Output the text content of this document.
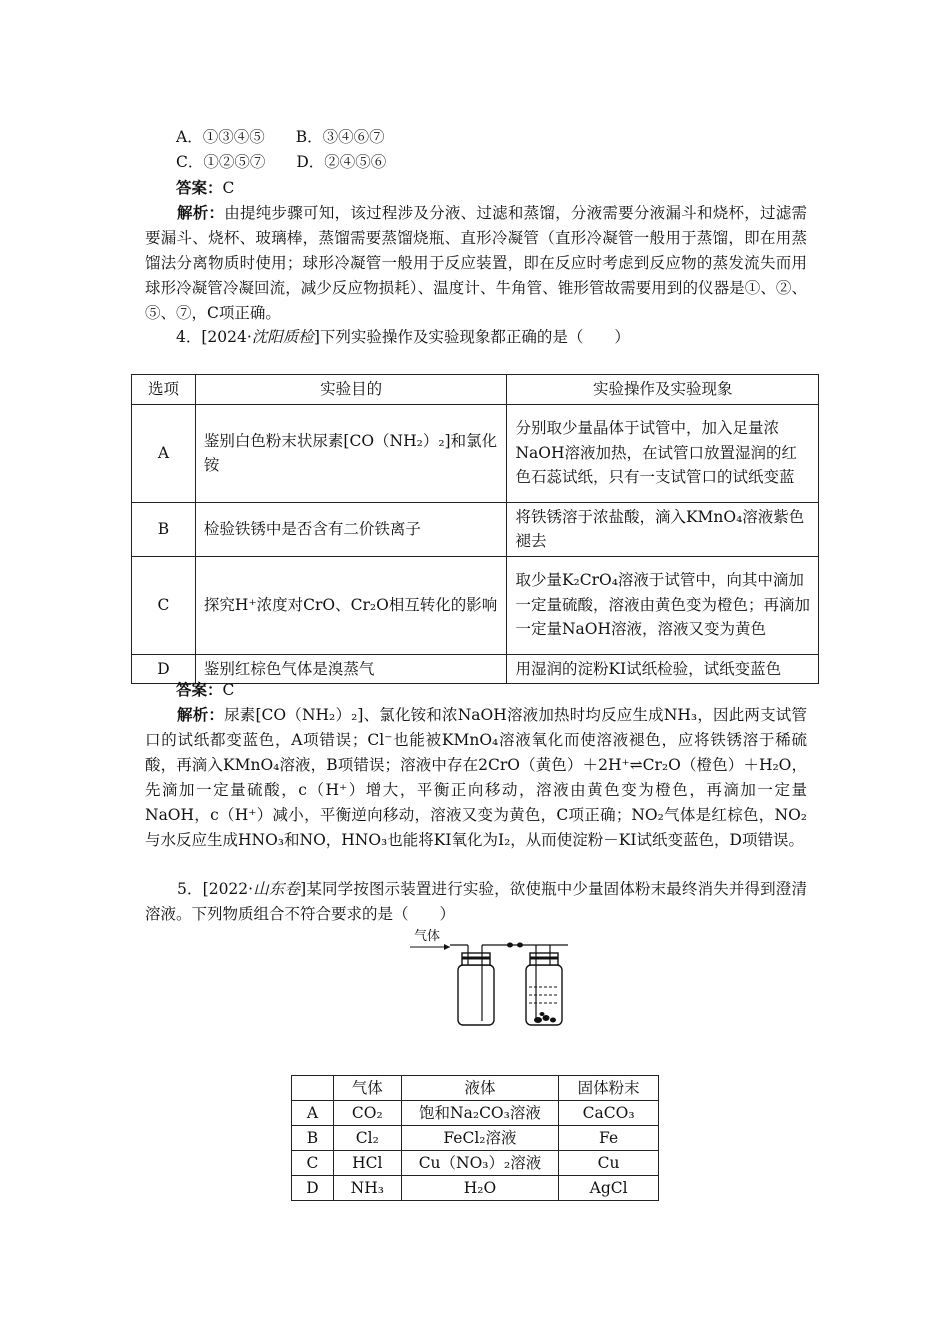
A．①③④⑤　　B．③④⑥⑦
C．①②⑤⑦　　D．②④⑤⑥
答案：C
解析：由提纯步骤可知，该过程涉及分液、过滤和蒸馏，分液需要分液漏斗和烧杯，过滤需要漏斗、烧杯、玻璃棒，蒸馏需要蒸馏烧瓶、直形冷凝管（直形冷凝管一般用于蒸馏，即在用蒸馏法分离物质时使用；球形冷凝管一般用于反应装置，即在反应时考虑到反应物的蒸发流失而用球形冷凝管冷凝回流，减少反应物损耗）、温度计、牛角管、锥形管故需要用到的仪器是①、②、⑤、⑦，C项正确。
4．[2024·沈阳质检]下列实验操作及实验现象都正确的是（　　）
选项	实验目的	实验操作及实验现象
A	鉴别白色粉末状尿素[CO（NH₂）₂]和氯化铵	分别取少量晶体于试管中，加入足量浓NaOH溶液加热，在试管口放置湿润的红色石蕊试纸，只有一支试管口的试纸变蓝
B	检验铁锈中是否含有二价铁离子	将铁锈溶于浓盐酸，滴入KMnO₄溶液紫色褪去
C	探究H⁺浓度对CrO、Cr₂O相互转化的影响	取少量K₂CrO₄溶液于试管中，向其中滴加一定量硫酸，溶液由黄色变为橙色；再滴加一定量NaOH溶液，溶液又变为黄色
D	鉴别红棕色气体是溴蒸气	用湿润的淀粉KI试纸检验，试纸变蓝色
答案：C
解析：尿素[CO（NH₂）₂]、氯化铵和浓NaOH溶液加热时均反应生成NH₃，因此两支试管口的试纸都变蓝色，A项错误；Cl⁻也能被KMnO₄溶液氧化而使溶液褪色，应将铁锈溶于稀硫酸，再滴入KMnO₄溶液，B项错误；溶液中存在2CrO（黄色）＋2H⁺⇌Cr₂O（橙色）＋H₂O，先滴加一定量硫酸，c（H⁺）增大，平衡正向移动，溶液由黄色变为橙色，再滴加一定量NaOH，c（H⁺）减小，平衡逆向移动，溶液又变为黄色，C项正确；NO₂气体是红棕色，NO₂与水反应生成HNO₃和NO，HNO₃也能将KI氧化为I₂，从而使淀粉－KI试纸变蓝色，D项错误。
5．[2022·山东卷]某同学按图示装置进行实验，欲使瓶中少量固体粉末最终消失并得到澄清溶液。下列物质组合不符合要求的是（　　）
气体
	气体	液体	固体粉末
A	CO₂	饱和Na₂CO₃溶液	CaCO₃
B	Cl₂	FeCl₂溶液	Fe
C	HCl	Cu（NO₃）₂溶液	Cu
D	NH₃	H₂O	AgCl
